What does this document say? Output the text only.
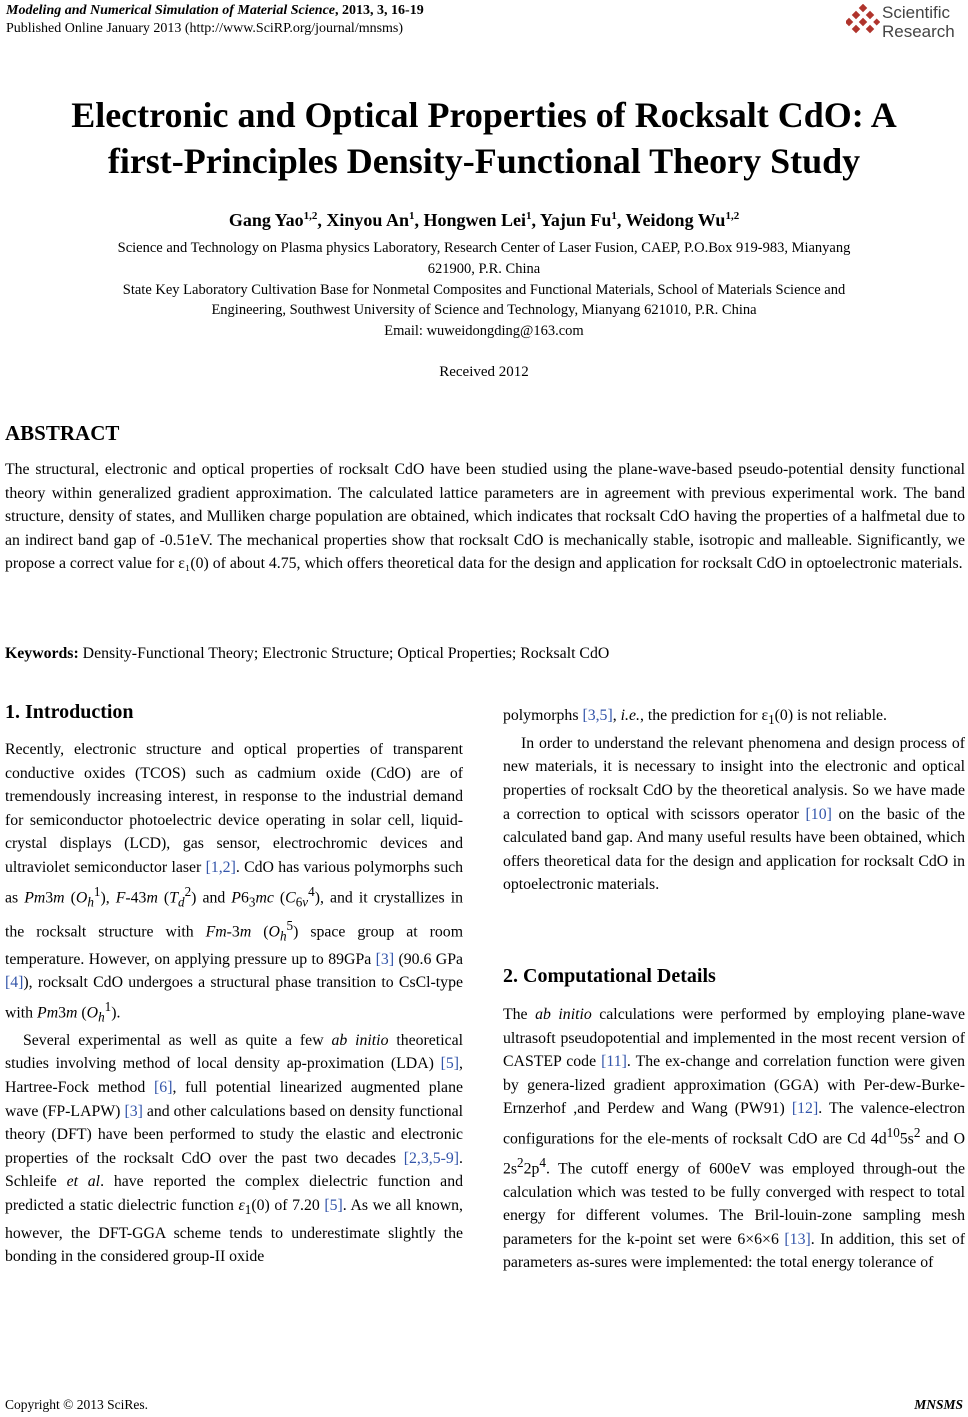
Modeling and Numerical Simulation of Material Science, 2013, 3, 16-19
Published Online January 2013 (http://www.SciRP.org/journal/mnsms)
Scientific
Research
Electronic and Optical Properties of Rocksalt CdO: A
first-Principles Density-Functional Theory Study
Gang Yao$^{1,2}$, Xinyou An$^1$, Hongwen Lei$^1$, Yajun Fu$^1$, Weidong Wu$^{1,2}$
Science and Technology on Plasma physics Laboratory, Research Center of Laser Fusion, CAEP, P.O.Box 919-983, Mianyang
621900, P.R. China
State Key Laboratory Cultivation Base for Nonmetal Composites and Functional Materials, School of Materials Science and
Engineering, Southwest University of Science and Technology, Mianyang 621010, P.R. China
Email: wuweidongding@163.com
Received 2012
ABSTRACT
The structural, electronic and optical properties of rocksalt CdO have been studied using the plane-wave-based pseudo-potential density functional theory within generalized gradient approximation. The calculated lattice parameters are in agreement with previous experimental work. The band structure, density of states, and Mulliken charge population are obtained, which indicates that rocksalt CdO having the properties of a halfmetal due to an indirect band gap of -0.51eV. The mechanical properties show that rocksalt CdO is mechanically stable, isotropic and malleable. Significantly, we propose a correct value for ε₁(0) of about 4.75, which offers theoretical data for the design and application for rocksalt CdO in optoelectronic materials.
Keywords: Density-Functional Theory; Electronic Structure; Optical Properties; Rocksalt CdO
1. Introduction

Recently, electronic structure and optical properties of transparent conductive oxides (TCOS) such as cadmium oxide (CdO) are of tremendously increasing interest, in response to the industrial demand for semiconductor photoelectric device operating in solar cell, liquid-crystal displays (LCD), gas sensor, electrochromic devices and ultraviolet semiconductor laser [1,2]. CdO has various polymorphs such as Pm3m $(O_h^1)$, F-43m $(T_d^2)$ and $P6_3mc$ $(C_{6v}^4)$, and it crystallizes in the rocksalt structure with Fm-3m $(O_h^5)$ space group at room temperature. However, on applying pressure up to 89GPa [3] (90.6 GPa [4]), rocksalt CdO undergoes a structural phase transition to CsCl-type with Pm3m $(O_h^1)$.

Several experimental as well as quite a few ab initio theoretical studies involving method of local density ap-proximation (LDA) [5], Hartree-Fock method [6], full potential linearized augmented plane wave (FP-LAPW) [3] and other calculations based on density functional theory (DFT) have been performed to study the elastic and electronic properties of the rocksalt CdO over the past two decades [2,3,5-9]. Schleife et al. have reported the complex dielectric function and predicted a static dielectric function $\varepsilon_1(0)$ of 7.20 [5]. As we all known, however, the DFT-GGA scheme tends to underestimate slightly the bonding in the considered group-II oxide

polymorphs [3,5], i.e., the prediction for $\varepsilon_1(0)$ is not reliable.

In order to understand the relevant phenomena and design process of new materials, it is necessary to insight into the electronic and optical properties of rocksalt CdO by the theoretical analysis. So we have made a correction to optical with scissors operator [10] on the basic of the calculated band gap. And many useful results have been obtained, which offers theoretical data for the design and application for rocksalt CdO in optoelectronic materials.

2. Computational Details

The ab initio calculations were performed by employing plane-wave ultrasoft pseudopotential and implemented in the most recent version of CASTEP code [11]. The ex-change and correlation function were given by genera-lized gradient approximation (GGA) with Per-dew-Burke-Ernzerhof ,and Perdew and Wang (PW91) [12]. The valence-electron configurations for the ele-ments of rocksalt CdO are Cd $4d^{10}5s^2$ and O $2s^22p^4$. The cutoff energy of 600eV was employed through-out the calculation which was tested to be fully converged with respect to total energy for different volumes. The Bril-louin-zone sampling mesh parameters for the k-point set were 6×6×6 [13]. In addition, this set of parameters as-sures were implemented: the total energy tolerance of

Copyright © 2013 SciRes.	MNSMS
